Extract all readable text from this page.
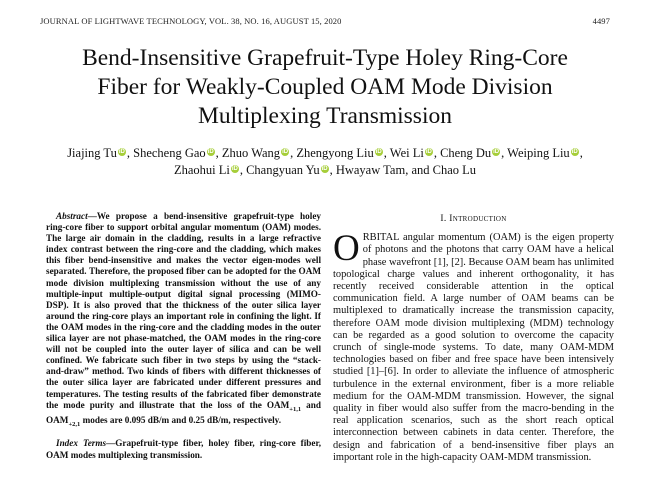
JOURNAL OF LIGHTWAVE TECHNOLOGY, VOL. 38, NO. 16, AUGUST 15, 2020	4497
Bend-Insensitive Grapefruit-Type Holey Ring-Core
Fiber for Weakly-Coupled OAM Mode Division
Multiplexing Transmission
Jiajing Tu iD , Shecheng Gao iD , Zhuo Wang iD , Zhengyong Liu iD , Wei Li iD , Cheng Du iD , Weiping Liu iD ,
Zhaohui Li iD , Changyuan Yu iD , Hwayaw Tam, and Chao Lu

Abstract—We propose a bend-insensitive grapefruit-type holey ring-core fiber to support orbital angular momentum (OAM) modes. The large air domain in the cladding, results in a large refractive index contrast between the ring-core and the cladding, which makes this fiber bend-insensitive and makes the vector eigen-modes well separated. Therefore, the proposed fiber can be adopted for the OAM mode division multiplexing transmission without the use of any multiple-input multiple-output digital signal processing (MIMO-DSP). It is also proved that the thickness of the outer silica layer around the ring-core plays an important role in confining the light. If the OAM modes in the ring-core and the cladding modes in the outer silica layer are not phase-matched, the OAM modes in the ring-core will not be coupled into the outer layer of silica and can be well confined. We fabricate such fiber in two steps by using the “stack-and-draw” method. Two kinds of fibers with different thicknesses of the outer silica layer are fabricated under different pressures and temperatures. The testing results of the fabricated fiber demonstrate the mode purity and illustrate that the loss of the $OAM_{+1,1}$ and $OAM_{+2,1}$ modes are 0.095 dB/m and 0.25 dB/m, respectively.

Index Terms—Grapefruit-type fiber, holey fiber, ring-core fiber, OAM modes multiplexing transmission.

I. Introduction

ORBITAL angular momentum (OAM) is the eigen property of photons and the photons that carry OAM have a helical phase wavefront [1], [2]. Because OAM beam has unlimited topological charge values and inherent orthogonality, it has recently received considerable attention in the optical communication field. A large number of OAM beams can be multiplexed to dramatically increase the transmission capacity, therefore OAM mode division multiplexing (MDM) technology can be regarded as a good solution to overcome the capacity crunch of single-mode systems. To date, many OAM-MDM technologies based on fiber and free space have been intensively studied [1]–[6]. In order to alleviate the influence of atmospheric turbulence in the external environment, fiber is a more reliable medium for the OAM-MDM transmission. However, the signal quality in fiber would also suffer from the macro-bending in the real application scenarios, such as the short reach optical interconnection between cabinets in data center. Therefore, the design and fabrication of a bend-insensitive fiber plays an important role in the high-capacity OAM-MDM transmission.
